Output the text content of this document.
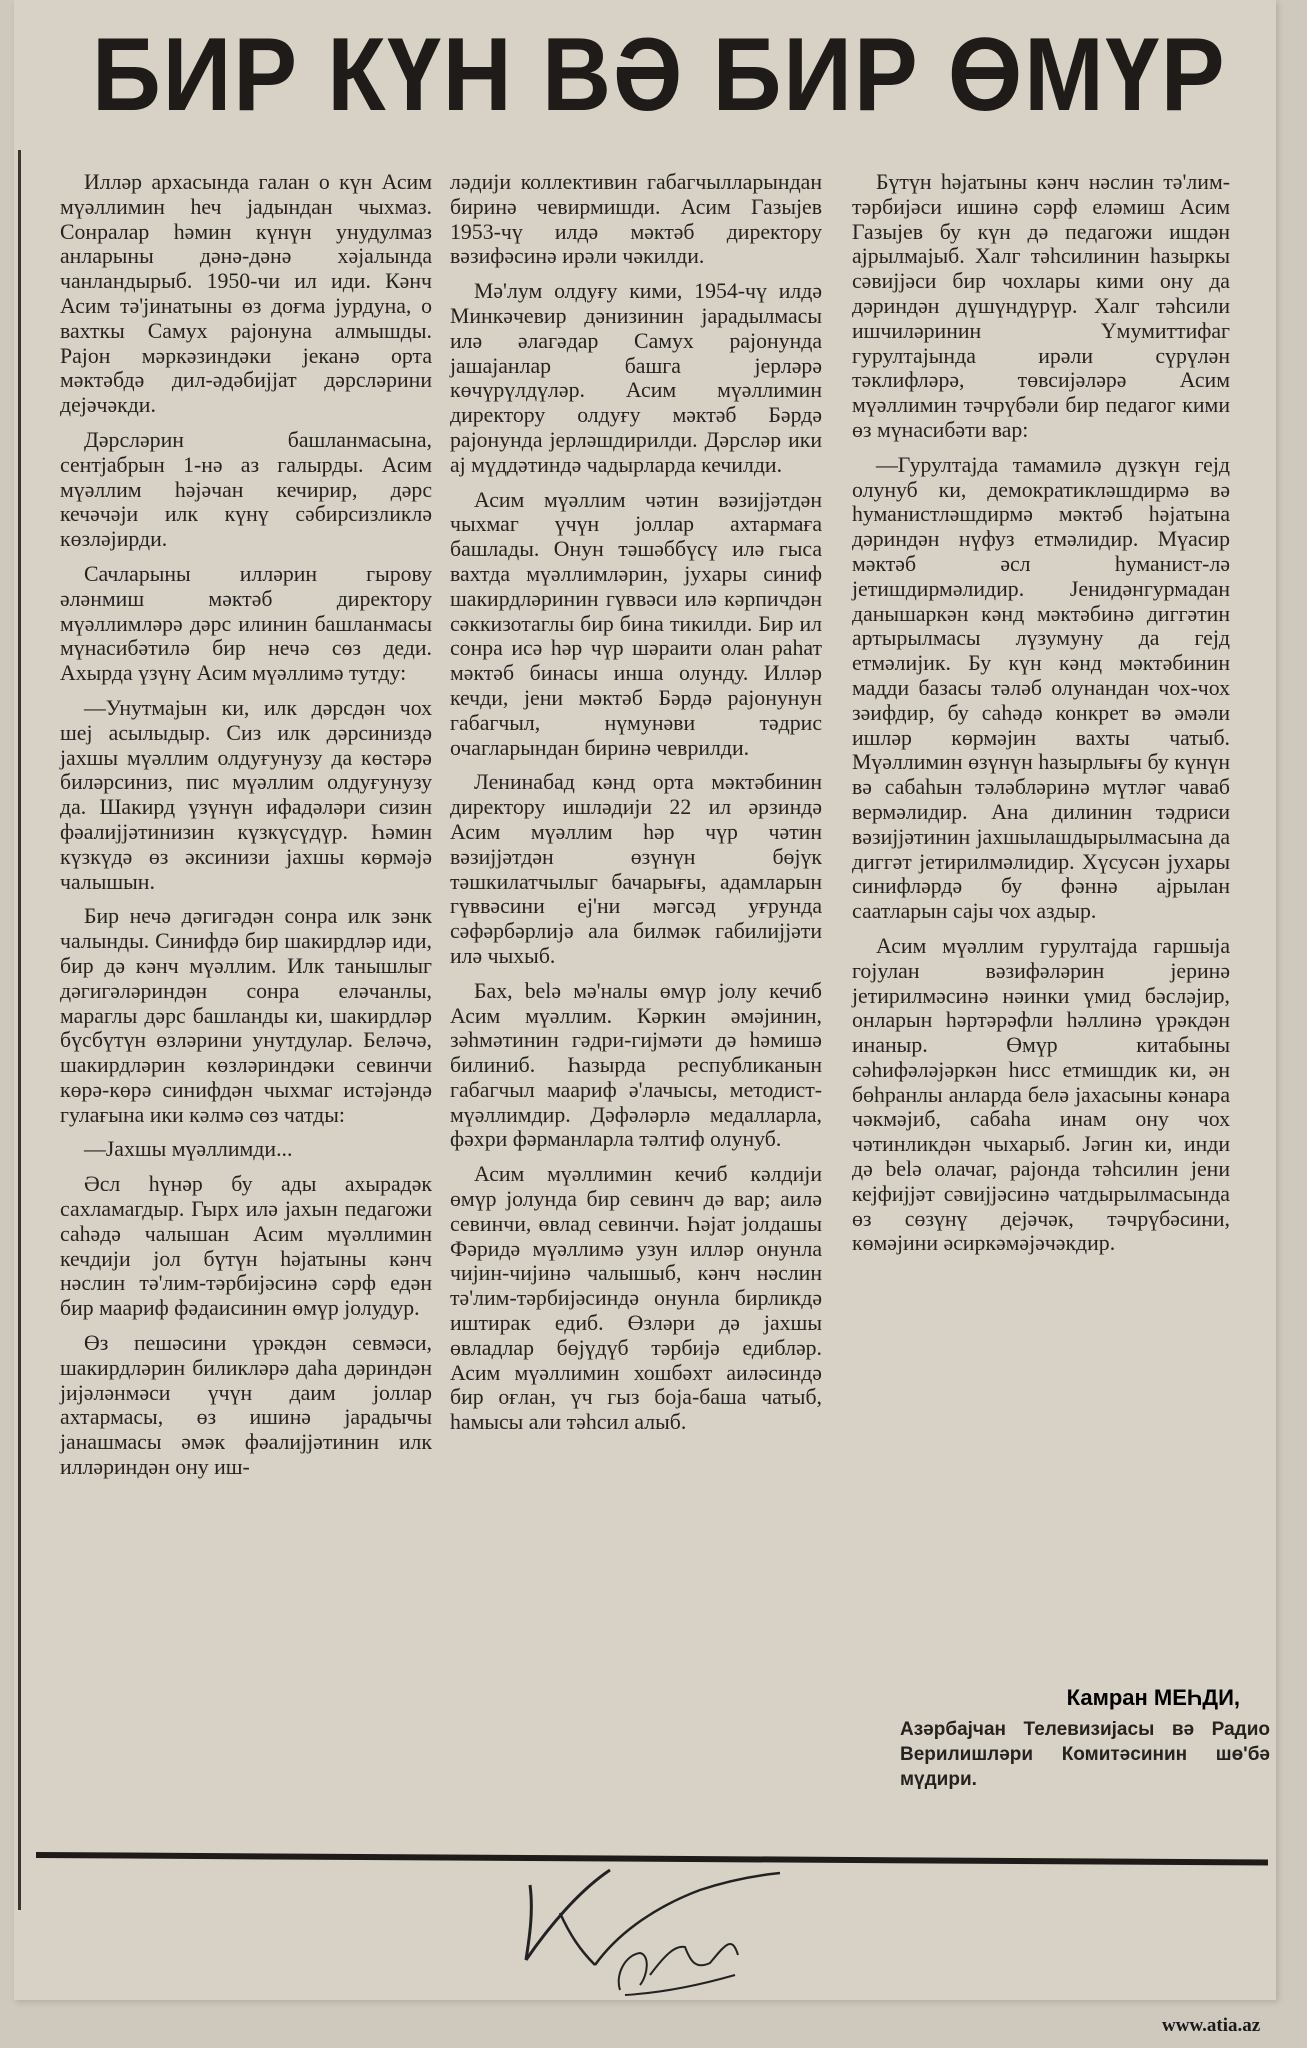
БИР КҮН ВӘ БИР ӨМҮР

Илләр архасында галан о күн Асим мүәллимин һеч јадындан чыхмаз. Сонралар һәмин күнүн унудулмаз анларыны дәнә-дәнә хәјалында чанландырыб. 1950-чи ил иди. Кәнч Асим тә'јинатыны өз доғма јурдуна, о вахткы Самух рајонуна алмышды. Рајон мәркәзиндәки јеканә орта мәктәбдә дил-әдәбијјат дәрсләрини дејәчәкди.

Дәрсләрин башланмасына, сентјабрын 1-нә аз галырды. Асим мүәллим һәјәчан кечирир, дәрс кечәчәји илк күнү сәбирсизликлә көзләјирди.

Сачларыны илләрин гырову әләнмиш мәктәб директору мүәллимләрә дәрс илинин башланмасы мүнасибәтилә бир нечә сөз деди. Ахырда үзүнү Асим мүәллимә тутду:

—Унутмајын ки, илк дәрсдән чох шеј асылыдыр. Сиз илк дәрсиниздә јахшы мүәллим олдуғунузу да көстәрә биләрсиниз, пис мүәллим олдуғунузу да. Шакирд үзүнүн ифадәләри сизин фәалијјәтинизин күзкүсүдүр. Һәмин күзкүдә өз әксинизи јахшы көрмәјә чалышын.

Бир нечә дәгигәдән сонра илк зәнк чалынды. Синифдә бир шакирдләр иди, бир дә кәнч мүәллим. Илк танышлыг дәгигәләриндән сонра еләчанлы, мараглы дәрс башланды ки, шакирдләр бүсбүтүн өзләрини унутдулар. Беләчә, шакирдләрин көзләриндәки севинчи көрә-көрә синифдән чыхмаг истәјәндә гулағына ики кәлмә сөз чатды:

—Јахшы мүәллимди...

Әсл һүнәр бу ады ахырадәк сахламагдыр. Гырх илә јахын педагожи саһәдә чалышан Асим мүәллимин кечдији јол бүтүн һәјатыны кәнч нәслин тә'лим-тәрбијәсинә сәрф едән бир маариф фәдаисинин өмүр јолудур.

Өз пешәсини үрәкдән севмәси, шакирдләрин биликләрә даһа дәриндән јијәләнмәси үчүн даим јоллар ахтармасы, өз ишинә јарадычы јанашмасы әмәк фәалијјәтинин илк илләриндән ону иш-

ләдији коллективин габагчылларындан биринә чевирмишди. Асим Газыјев 1953-чү илдә мәктәб директору вәзифәсинә ирәли чәкилди.

Мә'лум олдуғу кими, 1954-чү илдә Минкәчевир дәнизинин јарадылмасы илә әлагәдар Самух рајонунда јашајанлар башга јерләрә көчүрүлдүләр. Асим мүәллимин директору олдуғу мәктәб Бәрдә рајонунда јерләшдирилди. Дәрсләр ики ај мүддәтиндә чадырларда кечилди.

Асим мүәллим чәтин вәзијјәтдән чыхмаг үчүн јоллар ахтармаға башлады. Онун тәшәббүсү илә гыса вахтда мүәллимләрин, јухары синиф шакирдләринин гүввәси илә кәрпичдән сәккизотаглы бир бина тикилди. Бир ил сонра исә һәр чүр шәраити олан раһат мәктәб бинасы инша олунду. Илләр кечди, јени мәктәб Бәрдә рајонунун габагчыл, нүмунәви тәдрис очагларындан биринә чеврилди.

Ленинабад кәнд орта мәктәбинин директору ишләдији 22 ил әрзиндә Асим мүәллим һәр чүр чәтин вәзијјәтдән өзүнүн бөјүк тәшкилатчылыг бачарығы, адамларын гүввәсини еј'ни мәгсәд уғрунда сәфәрбәрлијә ала билмәк габилијјәти илә чыхыб.

Бах, belә мә'налы өмүр јолу кечиб Асим мүәллим. Кәркин әмәјинин, зәһмәтинин гәдри-гијмәти дә һәмишә билиниб. Һазырда республиканын габагчыл маариф ә'лачысы, методист-мүәллимдир. Дәфәләрлә медалларла, фәхри фәрманларла тәлтиф олунуб.

Асим мүәллимин кечиб кәлдији өмүр јолунда бир севинч дә вар; аилә севинчи, өвлад севинчи. Һәјат јолдашы Фәридә мүәллимә узун илләр онунла чијин-чијинә чалышыб, кәнч нәслин тә'лим-тәрбијәсиндә онунла бирликдә иштирак едиб. Өзләри дә јахшы өвладлар бөјүдүб тәрбијә едибләр. Асим мүәллимин хошбәхт аиләсиндә бир оғлан, үч гыз боја-баша чатыб, һамысы али тәһсил алыб.

Бүтүн һәјатыны кәнч нәслин тә'лим-тәрбијәси ишинә сәрф еләмиш Асим Газыјев бу күн дә педагожи ишдән ајрылмајыб. Халг тәһсилинин һазыркы сәвијјәси бир чохлары кими ону да дәриндән дүшүндүрүр. Халг тәһсили ишчиләринин Үмумиттифаг гурултајында ирәли сүрүлән тәклифләрә, төвсијәләрә Асим мүәллимин тәчрүбәли бир педагог кими өз мүнасибәти вар:

—Гурултајда тамамилә дүзкүн гејд олунуб ки, демократикләшдирмә вә һуманистләшдирмә мәктәб һәјатына дәриндән нүфуз етмәлидир. Мүасир мәктәб әсл һуманист-лә јетишдирмәлидир. Јенидәнгурмадан данышаркән кәнд мәктәбинә диггәтин артырылмасы лүзумуну да гејд етмәлијик. Бу күн кәнд мәктәбинин мадди базасы тәләб олунандан чох-чох зәифдир, бу саһәдә конкрет вә әмәли ишләр көрмәјин вахты чатыб. Мүәллимин өзүнүн һазырлығы бу күнүн вә сабаһын тәләбләринә мүтләг чаваб вермәлидир. Ана дилинин тәдриси вәзијјәтинин јахшылашдырылмасына да диггәт јетирилмәлидир. Хүсусән јухары синифләрдә бу фәннә ајрылан саатларын сајы чох аздыр.

Асим мүәллим гурултајда гаршыја гојулан вәзифәләрин јеринә јетирилмәсинә нәинки үмид бәсләјир, онларын һәртәрәфли һәллинә үрәкдән инаныр. Өмүр китабыны сәһифәләјәркән һисс етмишдик ки, ән бөһранлы анларда белә јахасыны кәнара чәкмәјиб, сабаһа инам ону чох чәтинликдән чыхарыб. Јәгин ки, инди дә belә олачаг, рајонда тәһсилин јени кејфијјәт сәвијјәсинә чатдырылмасында өз сөзүнү дејәчәк, тәчрүбәсини, көмәјини әсиркәмәјәчәкдир.

Камран МЕҺДИ,
Азәрбајчан Телевизијасы вә Радио Верилишләри Комитәсинин шө'бә мүдири.
www.atia.az
